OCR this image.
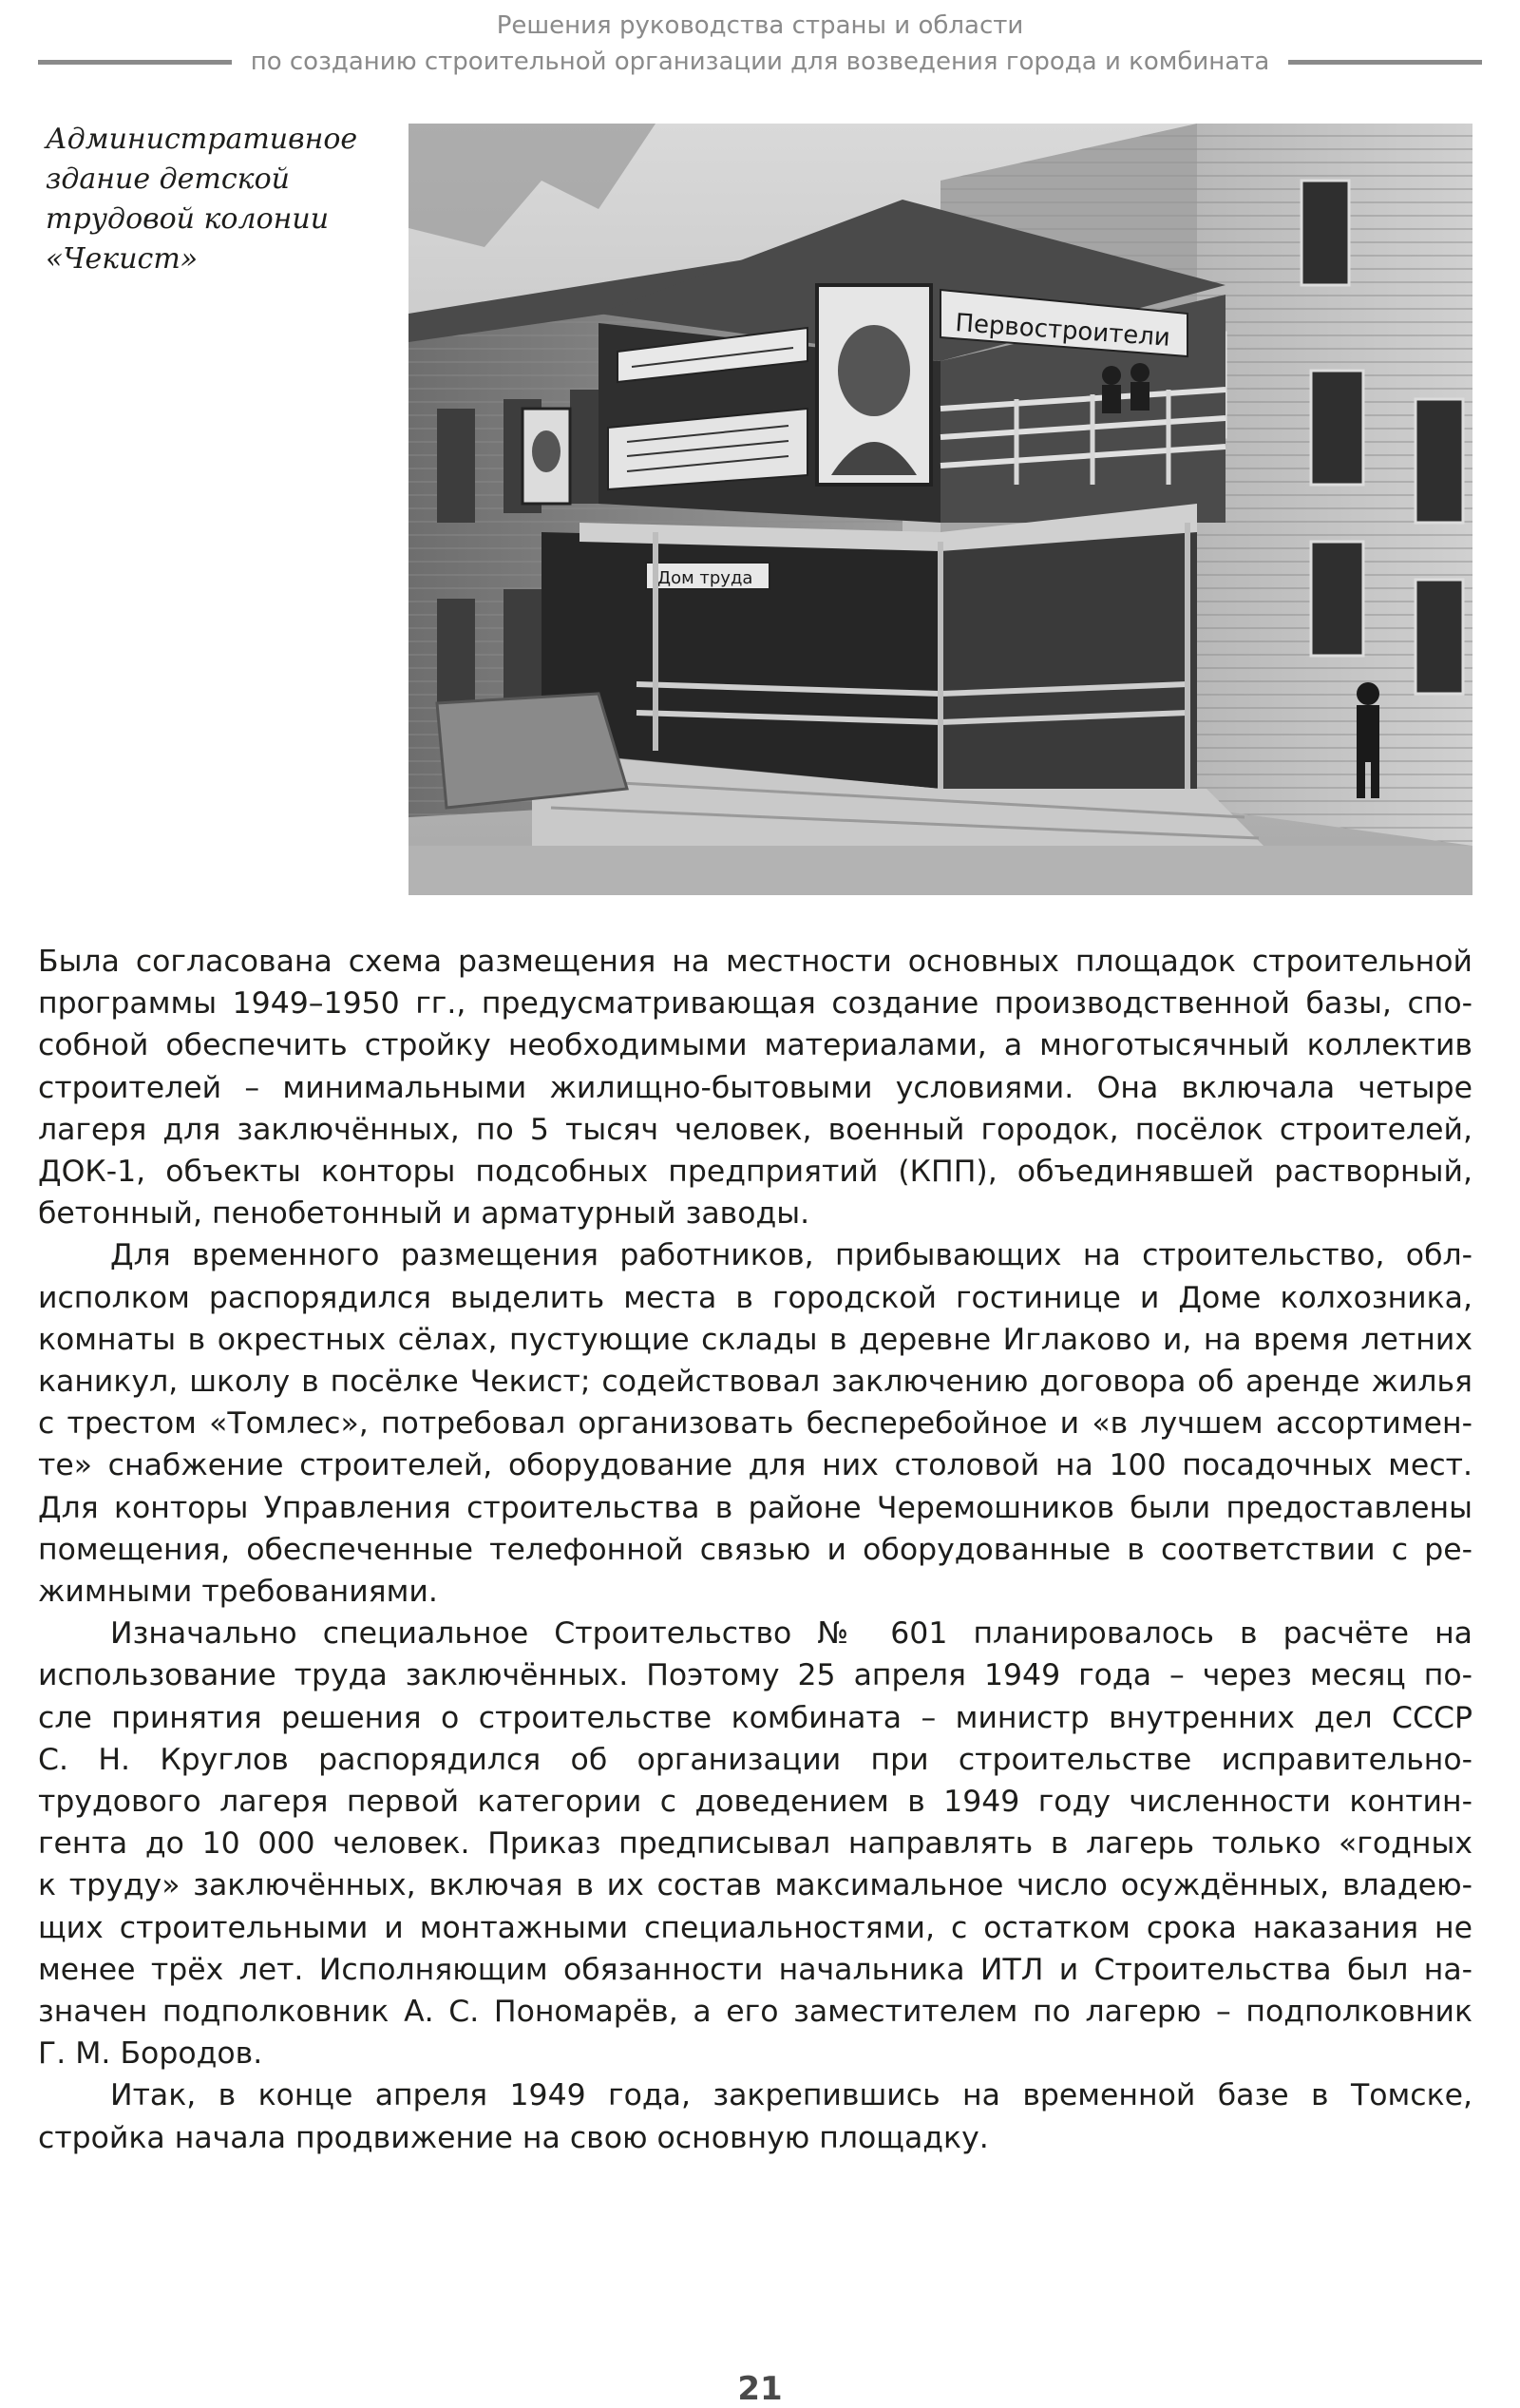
Решения руководства страны и области
по созданию строительной организации для возведения города и комбината
Административное
здание детской
трудовой колонии
«Чекист»
Первостроители
Дом труда
Была согласована схема размещения на местности основных площадок строительной
программы 1949–1950 гг., предусматривающая создание производственной базы, спо-
собной обеспечить стройку необходимыми материалами, а многотысячный коллектив
строителей – минимальными жилищно-бытовыми условиями. Она включала четыре
лагеря для заключённых, по 5 тысяч человек, военный городок, посёлок строителей,
ДОК-1, объекты конторы подсобных предприятий (КПП), объединявшей растворный,
бетонный, пенобетонный и арматурный заводы.
Для временного размещения работников, прибывающих на строительство, обл-
исполком распорядился выделить места в городской гостинице и Доме колхозника,
комнаты в окрестных сёлах, пустующие склады в деревне Иглаково и, на время летних
каникул, школу в посёлке Чекист; содействовал заключению договора об аренде жилья
с трестом «Томлес», потребовал организовать бесперебойное и «в лучшем ассортимен-
те» снабжение строителей, оборудование для них столовой на 100 посадочных мест.
Для конторы Управления строительства в районе Черемошников были предоставлены
помещения, обеспеченные телефонной связью и оборудованные в соответствии с ре-
жимными требованиями.
Изначально специальное Строительство № 601 планировалось в расчёте на
использование труда заключённых. Поэтому 25 апреля 1949 года – через месяц по-
сле принятия решения о строительстве комбината – министр внутренних дел СССР
С. Н. Круглов распорядился об организации при строительстве исправительно-
трудового лагеря первой категории с доведением в 1949 году численности контин-
гента до 10 000 человек. Приказ предписывал направлять в лагерь только «годных
к труду» заключённых, включая в их состав максимальное число осуждённых, владею-
щих строительными и монтажными специальностями, с остатком срока наказания не
менее трёх лет. Исполняющим обязанности начальника ИТЛ и Строительства был на-
значен подполковник А. С. Пономарёв, а его заместителем по лагерю – подполковник
Г. М. Бородов.
Итак, в конце апреля 1949 года, закрепившись на временной базе в Томске,
стройка начала продвижение на свою основную площадку.
21
